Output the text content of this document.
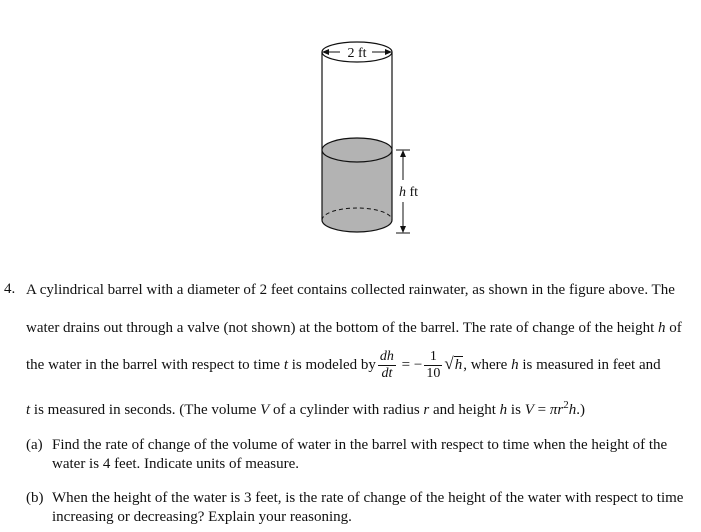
2 ft
h ft
4. A cylindrical barrel with a diameter of 2 feet contains collected rainwater, as shown in the figure above. The
water drains out through a valve (not shown) at the bottom of the barrel. The rate of change of the height h of
the water in the barrel with respect to time t is modeled by $\frac{dh}{dt}$ = − $\frac{1}{10} √h$, where h is measured in feet and
t is measured in seconds. (The volume V of a cylinder with radius r and height h is $V = \pi r^2h$.)
(a) Find the rate of change of the volume of water in the barrel with respect to time when the height of the
water is 4 feet. Indicate units of measure.
(b) When the height of the water is 3 feet, is the rate of change of the height of the water with respect to time
increasing or decreasing? Explain your reasoning.
